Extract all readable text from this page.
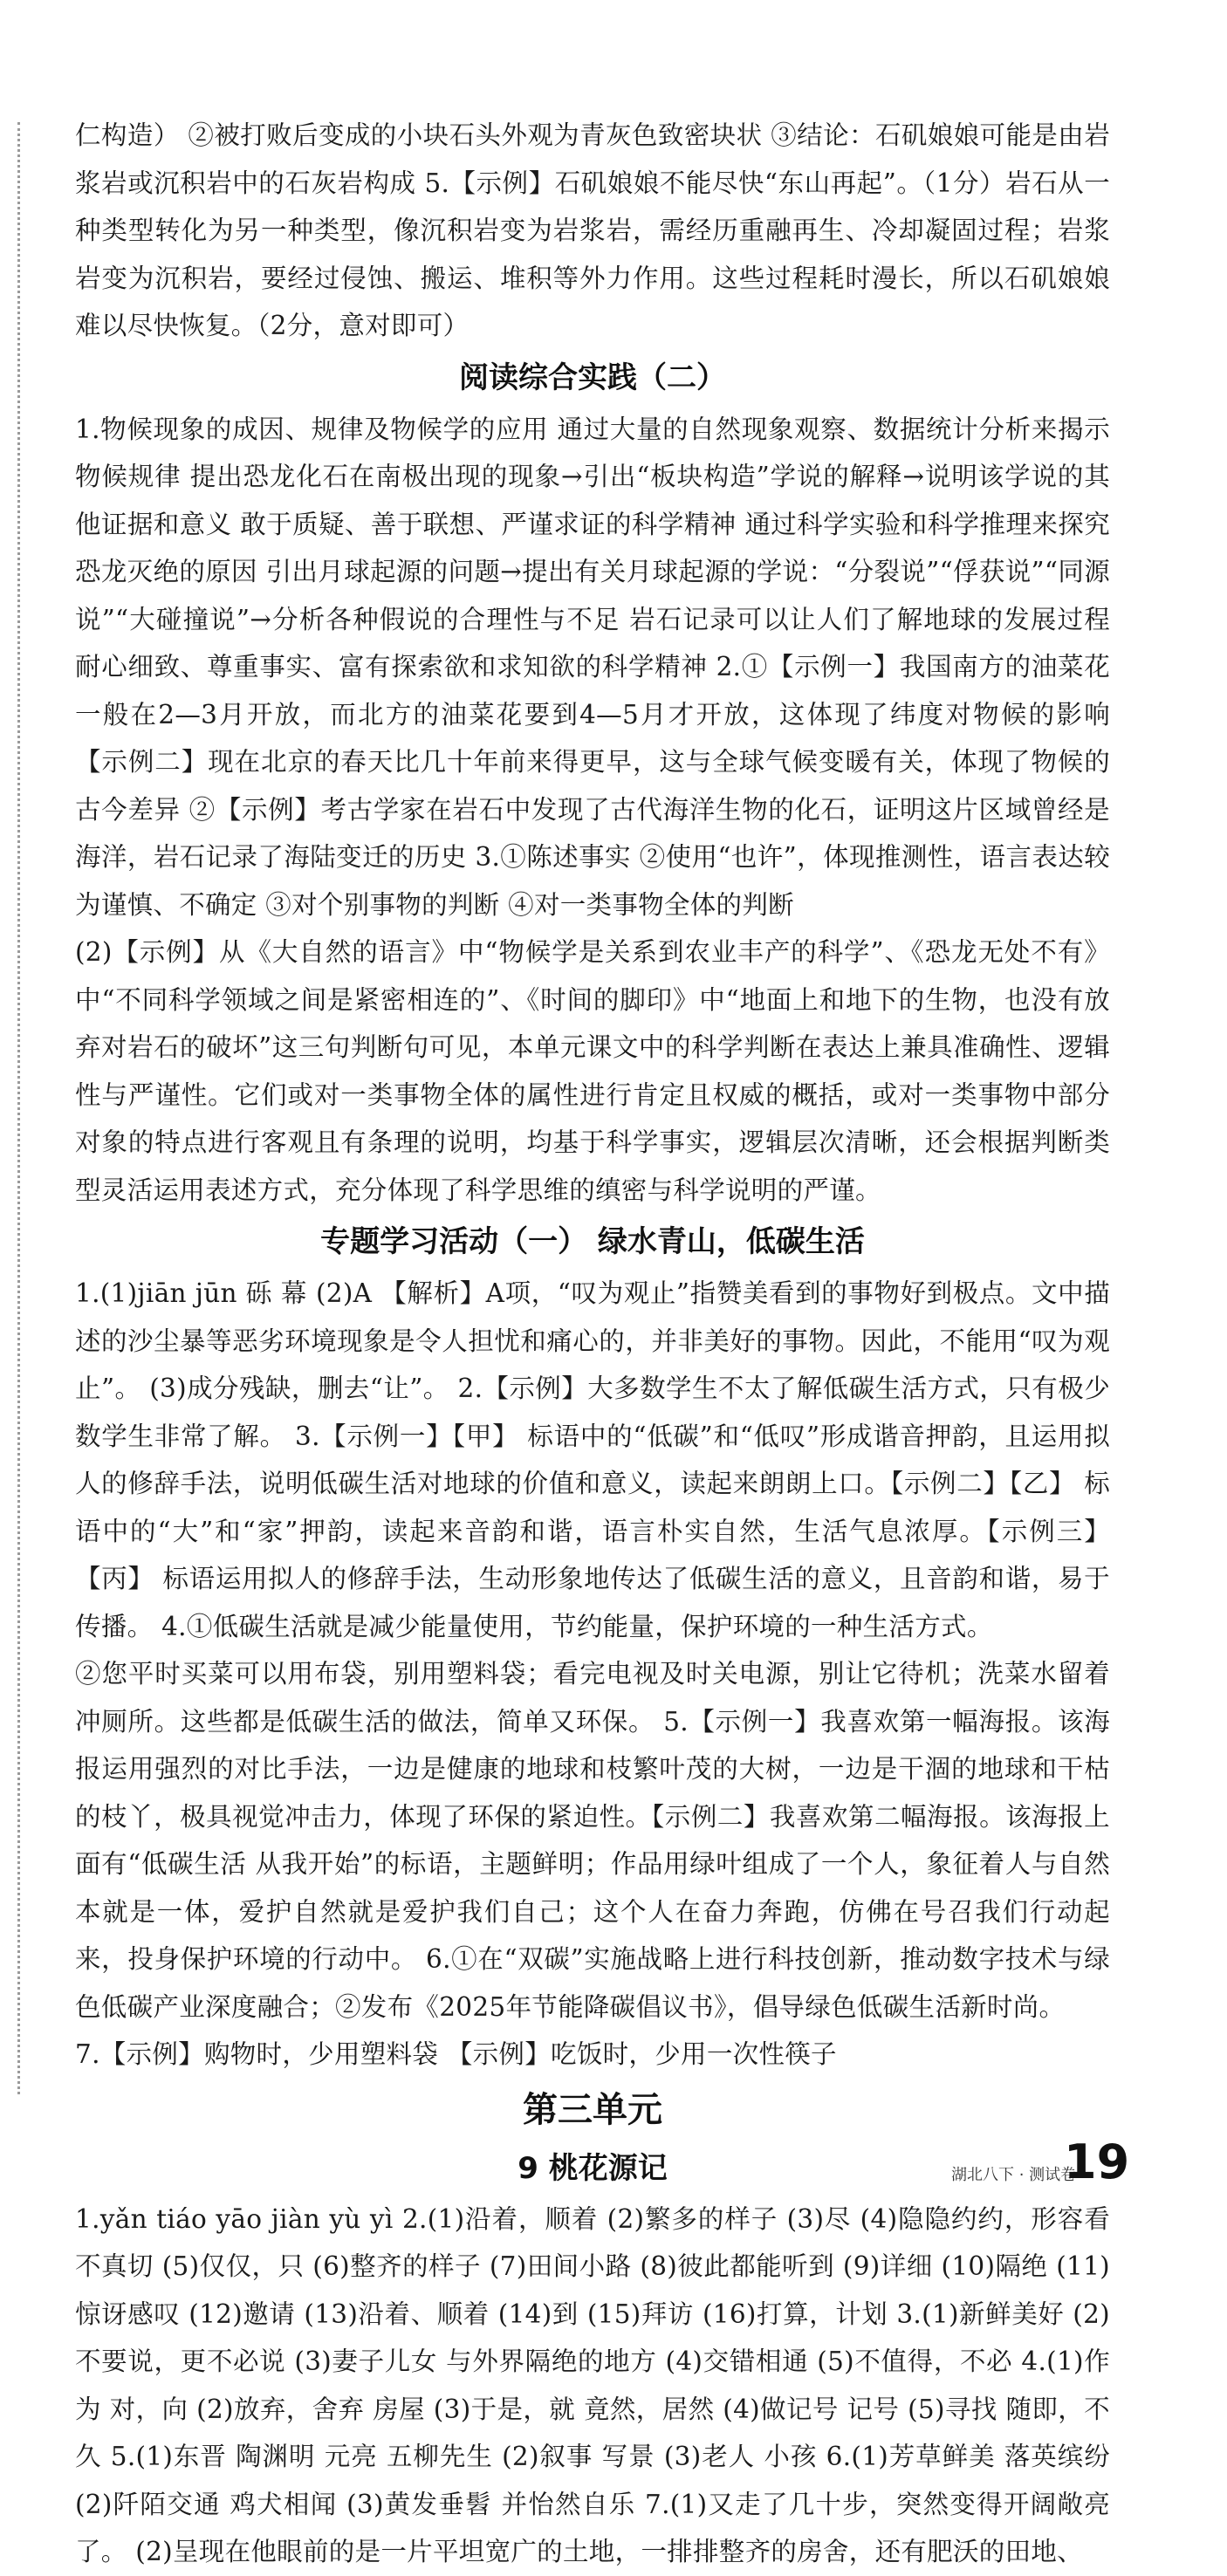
仁构造） ②被打败后变成的小块石头外观为青灰色致密块状 ③结论：石矶娘娘可能是由岩浆岩或沉积岩中的石灰岩构成 5.【示例】石矶娘娘不能尽快“东山再起”。（1分）岩石从一种类型转化为另一种类型，像沉积岩变为岩浆岩，需经历重融再生、冷却凝固过程；岩浆岩变为沉积岩，要经过侵蚀、搬运、堆积等外力作用。这些过程耗时漫长，所以石矶娘娘难以尽快恢复。（2分，意对即可）

阅读综合实践（二）

1.物候现象的成因、规律及物候学的应用 通过大量的自然现象观察、数据统计分析来揭示物候规律 提出恐龙化石在南极出现的现象→引出“板块构造”学说的解释→说明该学说的其他证据和意义 敢于质疑、善于联想、严谨求证的科学精神 通过科学实验和科学推理来探究恐龙灭绝的原因 引出月球起源的问题→提出有关月球起源的学说：“分裂说”“俘获说”“同源说”“大碰撞说”→分析各种假说的合理性与不足 岩石记录可以让人们了解地球的发展过程 耐心细致、尊重事实、富有探索欲和求知欲的科学精神 2.①【示例一】我国南方的油菜花一般在2—3月开放，而北方的油菜花要到4—5月才开放，这体现了纬度对物候的影响 【示例二】现在北京的春天比几十年前来得更早，这与全球气候变暖有关，体现了物候的古今差异 ②【示例】考古学家在岩石中发现了古代海洋生物的化石，证明这片区域曾经是海洋，岩石记录了海陆变迁的历史 3.①陈述事实 ②使用“也许”，体现推测性，语言表达较为谨慎、不确定 ③对个别事物的判断 ④对一类事物全体的判断

(2)【示例】从《大自然的语言》中“物候学是关系到农业丰产的科学”、《恐龙无处不有》中“不同科学领域之间是紧密相连的”、《时间的脚印》中“地面上和地下的生物，也没有放弃对岩石的破坏”这三句判断句可见，本单元课文中的科学判断在表达上兼具准确性、逻辑性与严谨性。它们或对一类事物全体的属性进行肯定且权威的概括，或对一类事物中部分对象的特点进行客观且有条理的说明，均基于科学事实，逻辑层次清晰，还会根据判断类型灵活运用表述方式，充分体现了科学思维的缜密与科学说明的严谨。

专题学习活动（一） 绿水青山，低碳生活

1.(1)jiān jūn 砾 幕 (2)A 【解析】A项，“叹为观止”指赞美看到的事物好到极点。文中描述的沙尘暴等恶劣环境现象是令人担忧和痛心的，并非美好的事物。因此，不能用“叹为观止”。 (3)成分残缺，删去“让”。 2.【示例】大多数学生不太了解低碳生活方式，只有极少数学生非常了解。 3.【示例一】【甲】 标语中的“低碳”和“低叹”形成谐音押韵，且运用拟人的修辞手法，说明低碳生活对地球的价值和意义，读起来朗朗上口。【示例二】【乙】 标语中的“大”和“家”押韵，读起来音韵和谐，语言朴实自然，生活气息浓厚。【示例三】【丙】 标语运用拟人的修辞手法，生动形象地传达了低碳生活的意义，且音韵和谐，易于传播。 4.①低碳生活就是减少能量使用，节约能量，保护环境的一种生活方式。

②您平时买菜可以用布袋，别用塑料袋；看完电视及时关电源，别让它待机；洗菜水留着冲厕所。这些都是低碳生活的做法，简单又环保。 5.【示例一】我喜欢第一幅海报。该海报运用强烈的对比手法，一边是健康的地球和枝繁叶茂的大树，一边是干涸的地球和干枯的枝丫，极具视觉冲击力，体现了环保的紧迫性。【示例二】我喜欢第二幅海报。该海报上面有“低碳生活 从我开始”的标语，主题鲜明；作品用绿叶组成了一个人，象征着人与自然本就是一体，爱护自然就是爱护我们自己；这个人在奋力奔跑，仿佛在号召我们行动起来，投身保护环境的行动中。 6.①在“双碳”实施战略上进行科技创新，推动数字技术与绿色低碳产业深度融合；②发布《2025年节能降碳倡议书》，倡导绿色低碳生活新时尚。

7.【示例】购物时，少用塑料袋 【示例】吃饭时，少用一次性筷子

第三单元
9 桃花源记

1.yǎn tiáo yāo jiàn yù yì 2.(1)沿着，顺着 (2)繁多的样子 (3)尽 (4)隐隐约约，形容看不真切 (5)仅仅，只 (6)整齐的样子 (7)田间小路 (8)彼此都能听到 (9)详细 (10)隔绝 (11)惊讶感叹 (12)邀请 (13)沿着、顺着 (14)到 (15)拜访 (16)打算，计划 3.(1)新鲜美好 (2)不要说，更不必说 (3)妻子儿女 与外界隔绝的地方 (4)交错相通 (5)不值得，不必 4.(1)作为 对，向 (2)放弃，舍弃 房屋 (3)于是，就 竟然，居然 (4)做记号 记号 (5)寻找 随即，不久 5.(1)东晋 陶渊明 元亮 五柳先生 (2)叙事 写景 (3)老人 小孩 6.(1)芳草鲜美 落英缤纷 (2)阡陌交通 鸡犬相闻 (3)黄发垂髫 并怡然自乐 7.(1)又走了几十步，突然变得开阔敞亮了。 (2)呈现在他眼前的是一片平坦宽广的土地，一排排整齐的房舍，还有肥沃的田地、

湖北八下 · 测试卷
19
